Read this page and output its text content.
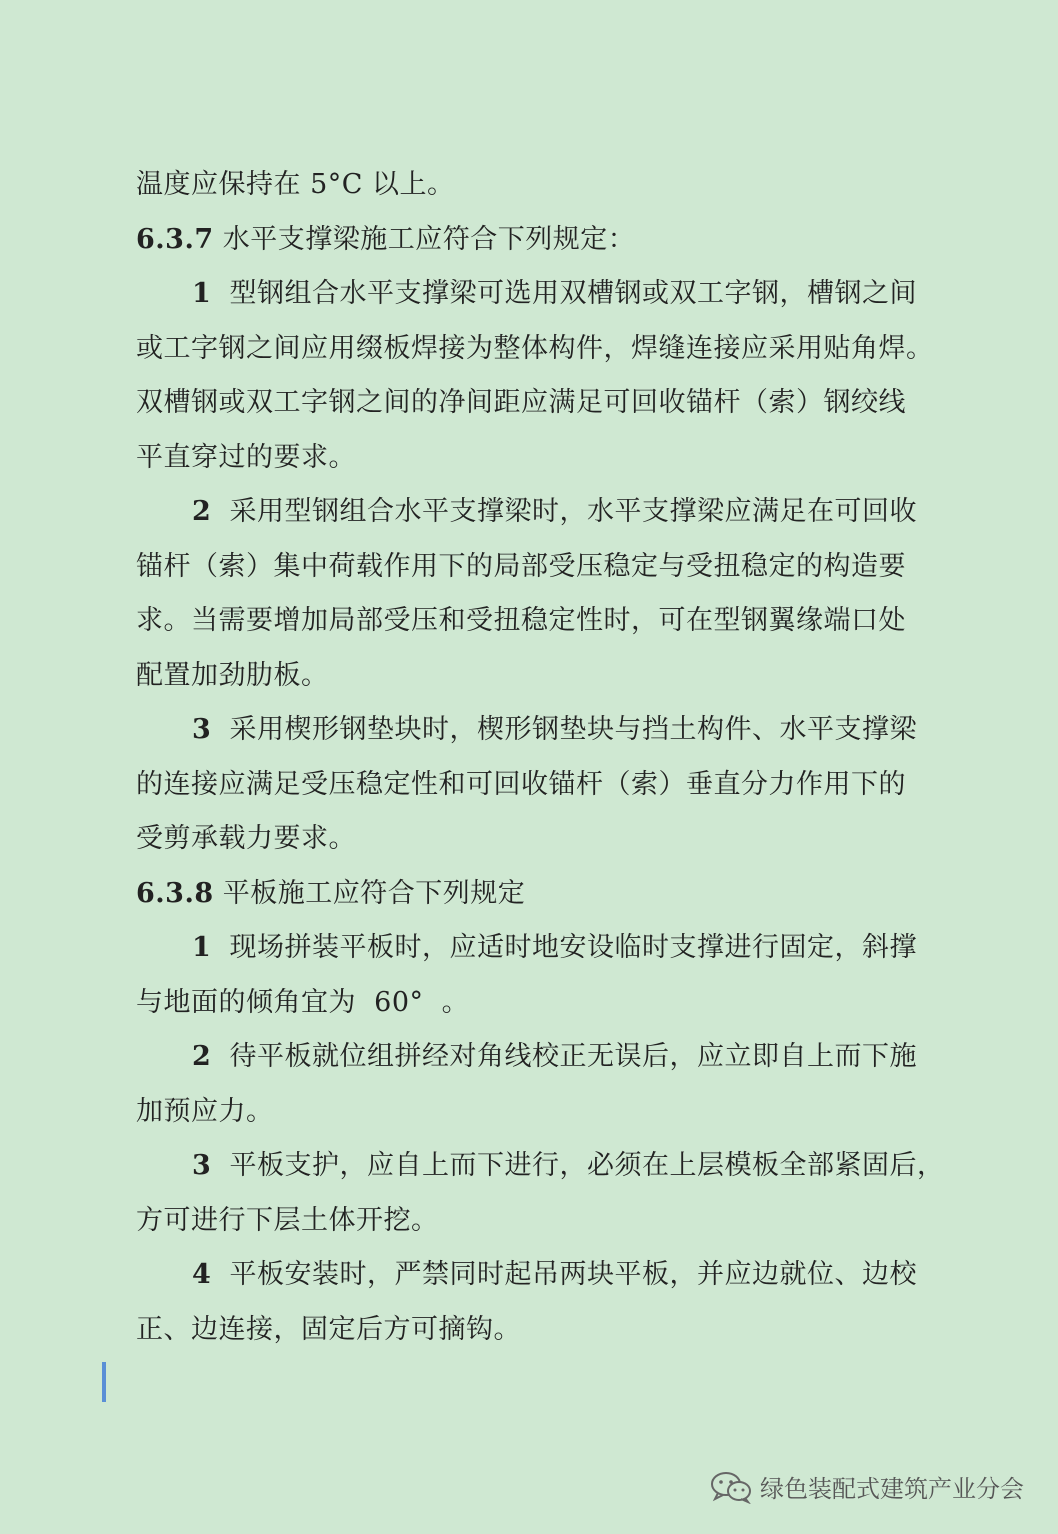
温度应保持在 5°C 以上。
6.3.7 水平支撑梁施工应符合下列规定：
1  型钢组合水平支撑梁可选用双槽钢或双工字钢，槽钢之间
或工字钢之间应用缀板焊接为整体构件，焊缝连接应采用贴角焊。
双槽钢或双工字钢之间的净间距应满足可回收锚杆（索）钢绞线
平直穿过的要求。
2  采用型钢组合水平支撑梁时，水平支撑梁应满足在可回收
锚杆（索）集中荷载作用下的局部受压稳定与受扭稳定的构造要
求。当需要增加局部受压和受扭稳定性时，可在型钢翼缘端口处
配置加劲肋板。
3  采用楔形钢垫块时，楔形钢垫块与挡土构件、水平支撑梁
的连接应满足受压稳定性和可回收锚杆（索）垂直分力作用下的
受剪承载力要求。
6.3.8 平板施工应符合下列规定
1  现场拼装平板时，应适时地安设临时支撑进行固定，斜撑
与地面的倾角宜为  60°  。
2  待平板就位组拼经对角线校正无误后，应立即自上而下施
加预应力。
3  平板支护，应自上而下进行，必须在上层模板全部紧固后，
方可进行下层土体开挖。
4  平板安装时，严禁同时起吊两块平板，并应边就位、边校
正、边连接，固定后方可摘钩。
绿色装配式建筑产业分会
